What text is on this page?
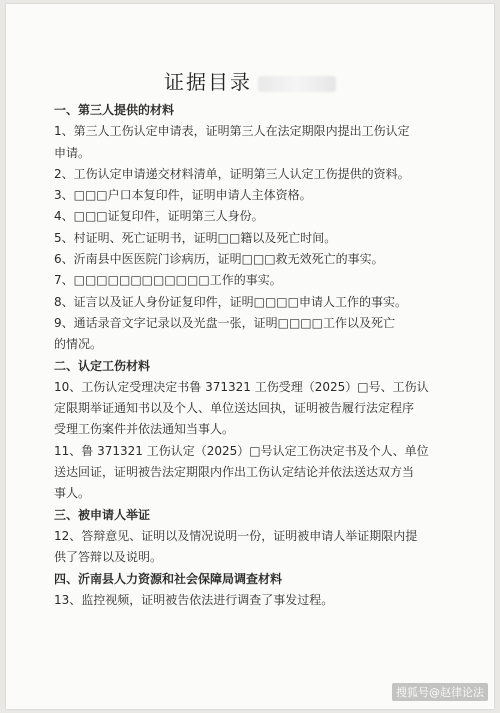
证据目录
一、第三人提供的材料
1、第三人工伤认定申请表，证明第三人在法定期限内提出工伤认定
申请。
2、工伤认定申请递交材料清单，证明第三人认定工伤提供的资料。
3、□□□户口本复印件，证明申请人主体资格。
4、□□□证复印件，证明第三人身份。
5、村证明、死亡证明书，证明□□籍以及死亡时间。
6、沂南县中医医院门诊病历，证明□□□救无效死亡的事实。
7、□□□□□□□□□□□□工作的事实。
8、证言以及证人身份证复印件，证明□□□□申请人工作的事实。
9、通话录音文字记录以及光盘一张，证明□□□□工作以及死亡
的情况。
二、认定工伤材料
10、工伤认定受理决定书鲁 371321 工伤受理（2025）□号、工伤认
定限期举证通知书以及个人、单位送达回执，证明被告履行法定程序
受理工伤案件并依法通知当事人。
11、鲁 371321 工伤认定（2025）□号认定工伤决定书及个人、单位
送达回证，证明被告法定期限内作出工伤认定结论并依法送达双方当
事人。
三、被申请人举证
12、答辩意见、证明以及情况说明一份，证明被申请人举证期限内提
供了答辩以及说明。
四、沂南县人力资源和社会保障局调查材料
13、监控视频，证明被告依法进行调查了事发过程。
搜狐号@赵律论法
